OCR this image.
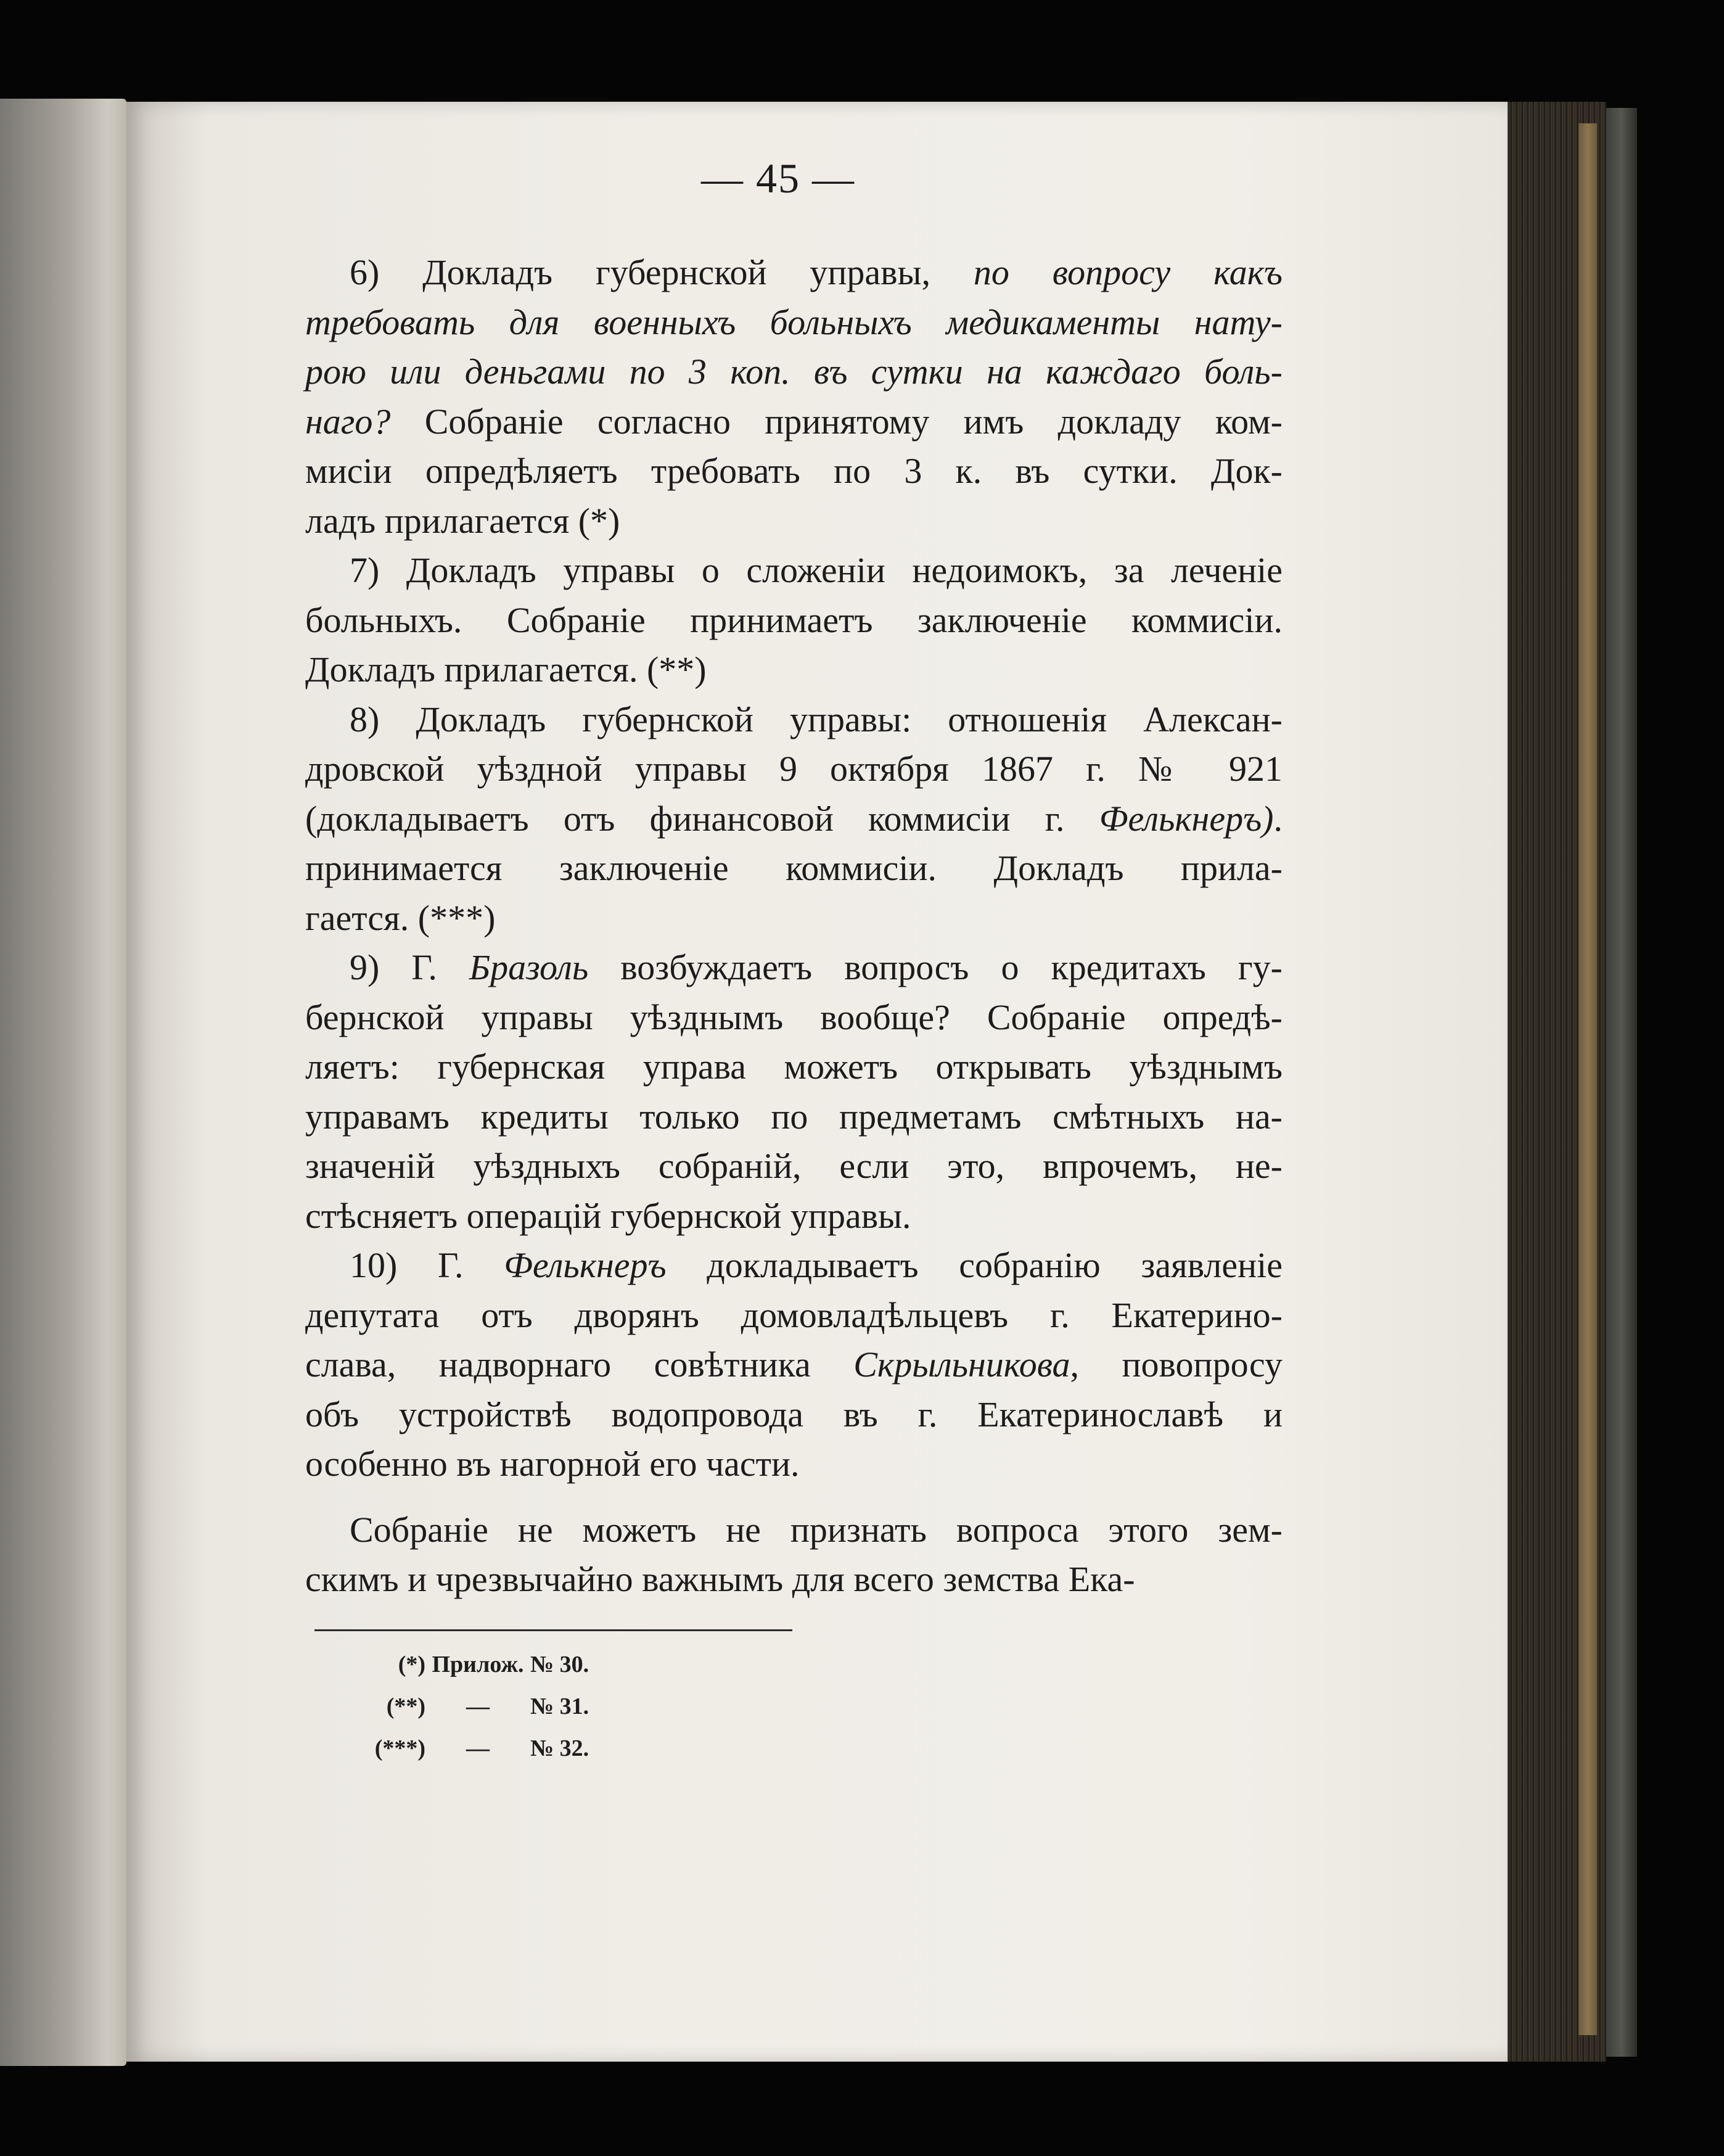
— 45 —
6) Докладъ губернской управы, по вопросу какъ
требовать для военныхъ больныхъ медикаменты нату-
рою или деньгами по 3 коп. въ сутки на каждаго боль-
наго? Собранiе согласно принятому имъ докладу ком-
мисiи опредѣляетъ требовать по 3 к. въ сутки. Док-
ладъ прилагается (*)
7) Докладъ управы о сложенiи недоимокъ, за леченiе
больныхъ. Собранiе принимаетъ заключенiе коммисiи.
Докладъ прилагается. (**)
8) Докладъ губернской управы: отношенiя Алексан-
дровской уѣздной управы 9 октября 1867 г. № 921
(докладываетъ отъ финансовой коммисiи г. Фелькнеръ).
принимается заключенiе коммисiи. Докладъ прила-
гается. (***)
9) Г. Бразоль возбуждаетъ вопросъ о кредитахъ гу-
бернской управы уѣзднымъ вообще? Собранiе опредѣ-
ляетъ: губернская управа можетъ открывать уѣзднымъ
управамъ кредиты только по предметамъ смѣтныхъ на-
значенiй уѣздныхъ собранiй, если это, впрочемъ, не-
стѣсняетъ операцiй губернской управы.
10) Г. Фелькнеръ докладываетъ собранiю заявленiе
депутата отъ дворянъ домовладѣльцевъ г. Екатерино-
слава, надворнаго совѣтника Скрыльникова, повопросу
объ устройствѣ водопровода въ г. Екатеринославѣ и
особенно въ нагорной его части.
Собранiе не можетъ не признать вопроса этого зем-
скимъ и чрезвычайно важнымъ для всего земства Ека-
(*) Прилож. № 30.
(**) — № 31.
(***) — № 32.
